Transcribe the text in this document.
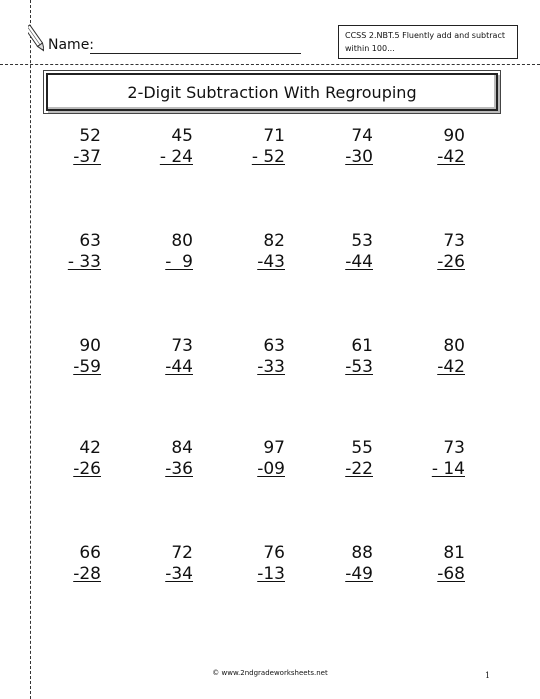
Name:
CCSS 2.NBT.5 Fluently add and subtract within 100...
2-Digit Subtraction With Regrouping
52
-37
45
- 24
71
- 52
74
-30
90
-42
63
- 33
80
-  9
82
-43
53
-44
73
-26
90
-59
73
-44
63
-33
61
-53
80
-42
42
-26
84
-36
97
-09
55
-22
73
- 14
66
-28
72
-34
76
-13
88
-49
81
-68
© www.2ndgradeworksheets.net	1
